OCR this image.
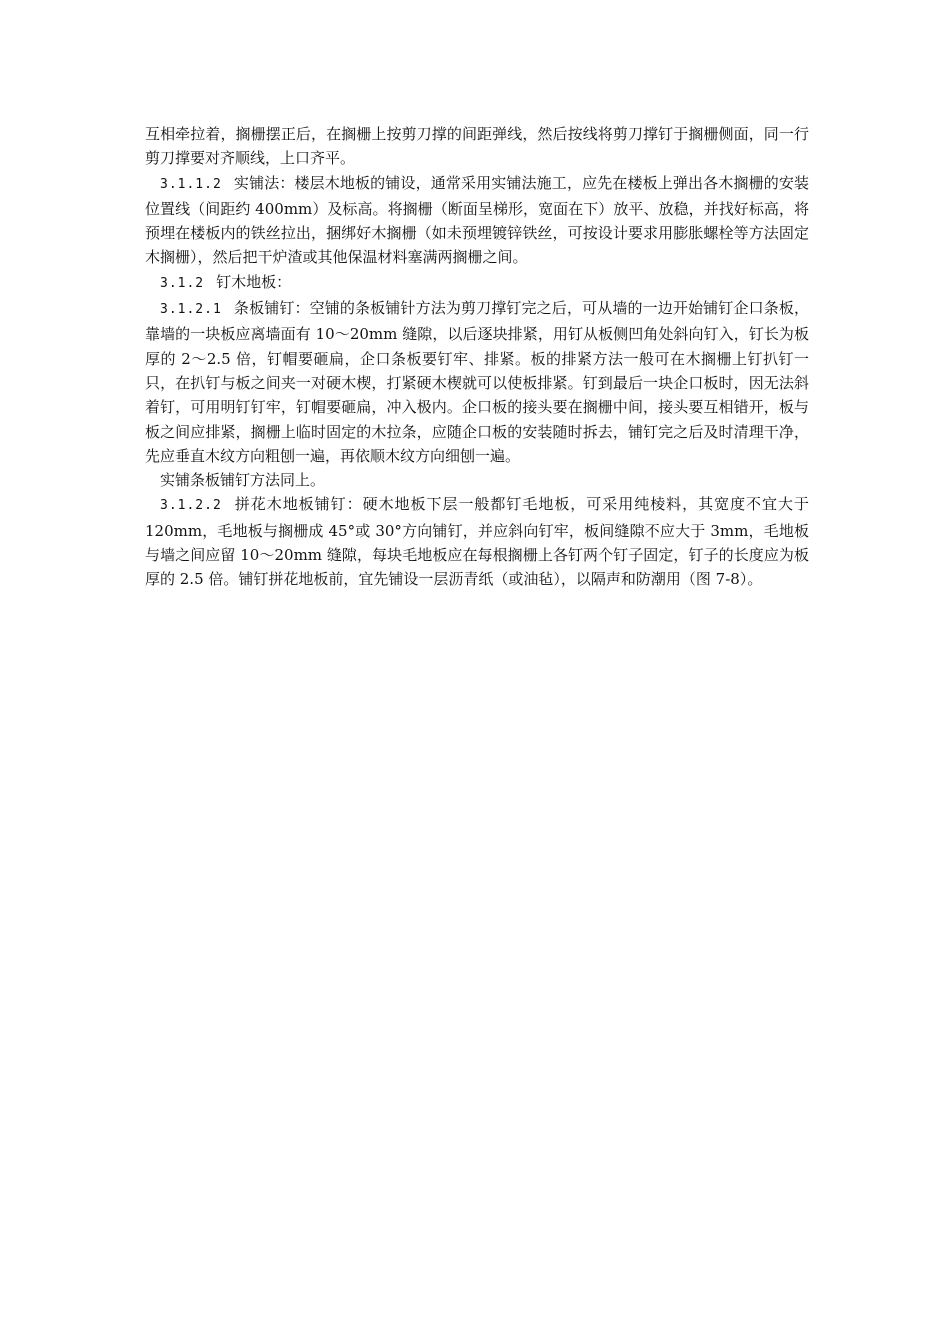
互相牵拉着，搁栅摆正后，在搁栅上按剪刀撑的间距弹线，然后按线将剪刀撑钉于搁栅侧面，同一行剪刀撑要对齐顺线，上口齐平。

3.1.1.2 实铺法：楼层木地板的铺设，通常采用实铺法施工，应先在楼板上弹出各木搁栅的安装位置线（间距约 400mm）及标高。将搁栅（断面呈梯形，宽面在下）放平、放稳，并找好标高，将预埋在楼板内的铁丝拉出，捆绑好木搁栅（如未预埋镀锌铁丝，可按设计要求用膨胀螺栓等方法固定木搁栅），然后把干炉渣或其他保温材料塞满两搁栅之间。

3.1.2 钉木地板：

3.1.2.1 条板铺钉：空铺的条板铺针方法为剪刀撑钉完之后，可从墙的一边开始铺钉企口条板，靠墙的一块板应离墙面有 10～20mm 缝隙，以后逐块排紧，用钉从板侧凹角处斜向钉入，钉长为板厚的 2～2.5 倍，钉帽要砸扁，企口条板要钉牢、排紧。板的排紧方法一般可在木搁栅上钉扒钉一只，在扒钉与板之间夹一对硬木楔，打紧硬木楔就可以使板排紧。钉到最后一块企口板时，因无法斜着钉，可用明钉钉牢，钉帽要砸扁，冲入极内。企口板的接头要在搁栅中间，接头要互相错开，板与板之间应排紧，搁栅上临时固定的木拉条，应随企口板的安装随时拆去，铺钉完之后及时清理干净，先应垂直木纹方向粗刨一遍，再依顺木纹方向细刨一遍。

实铺条板铺钉方法同上。

3.1.2.2 拼花木地板铺钉：硬木地板下层一般都钉毛地板，可采用纯棱料，其宽度不宜大于 120mm，毛地板与搁栅成 45°或 30°方向铺钉，并应斜向钉牢，板间缝隙不应大于 3mm，毛地板与墙之间应留 10～20mm 缝隙，每块毛地板应在每根搁栅上各钉两个钉子固定，钉子的长度应为板厚的 2.5 倍。铺钉拼花地板前，宜先铺设一层沥青纸（或油毡），以隔声和防潮用（图 7-8）。
